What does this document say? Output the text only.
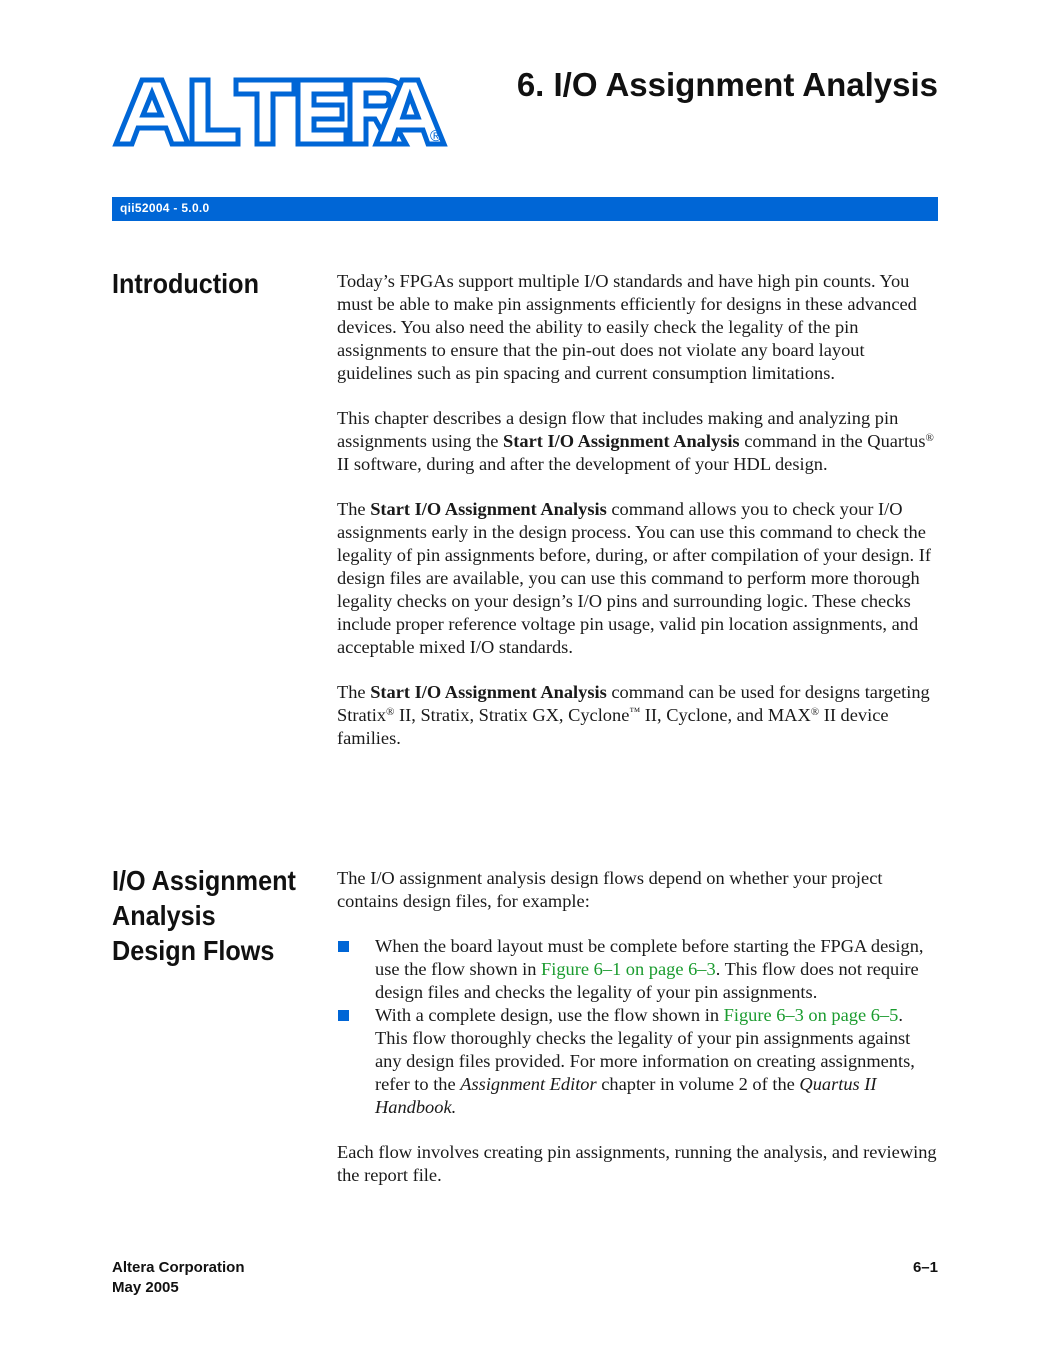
®
6. I/O Assignment Analysis
qii52004 - 5.0.0
Introduction	Today’s FPGAs support multiple I/O standards and have high pin counts. You must be able to make pin assignments efficiently for designs in these advanced devices. You also need the ability to easily check the legality of the pin assignments to ensure that the pin-out does not violate any board layout guidelines such as pin spacing and current consumption limitations.

This chapter describes a design flow that includes making and analyzing pin assignments using the Start I/O Assignment Analysis command in the Quartus® II software, during and after the development of your HDL design.

The Start I/O Assignment Analysis command allows you to check your I/O assignments early in the design process. You can use this command to check the legality of pin assignments before, during, or after compilation of your design. If design files are available, you can use this command to perform more thorough legality checks on your design’s I/O pins and surrounding logic. These checks include proper reference voltage pin usage, valid pin location assignments, and acceptable mixed I/O standards.

The Start I/O Assignment Analysis command can be used for designs targeting Stratix® II, Stratix, Stratix GX, Cyclone™ II, Cyclone, and MAX® II device families.

I/O Assignment Analysis Design Flows

The I/O assignment analysis design flows depend on whether your project contains design files, for example:

When the board layout must be complete before starting the FPGA design, use the flow shown in Figure 6–1 on page 6–3. This flow does not require design files and checks the legality of your pin assignments.
With a complete design, use the flow shown in Figure 6–3 on page 6–5. This flow thoroughly checks the legality of your pin assignments against any design files provided. For more information on creating assignments, refer to the Assignment Editor chapter in volume 2 of the Quartus II Handbook.

Each flow involves creating pin assignments, running the analysis, and reviewing the report file.

Altera Corporation
May 2005
6–1
